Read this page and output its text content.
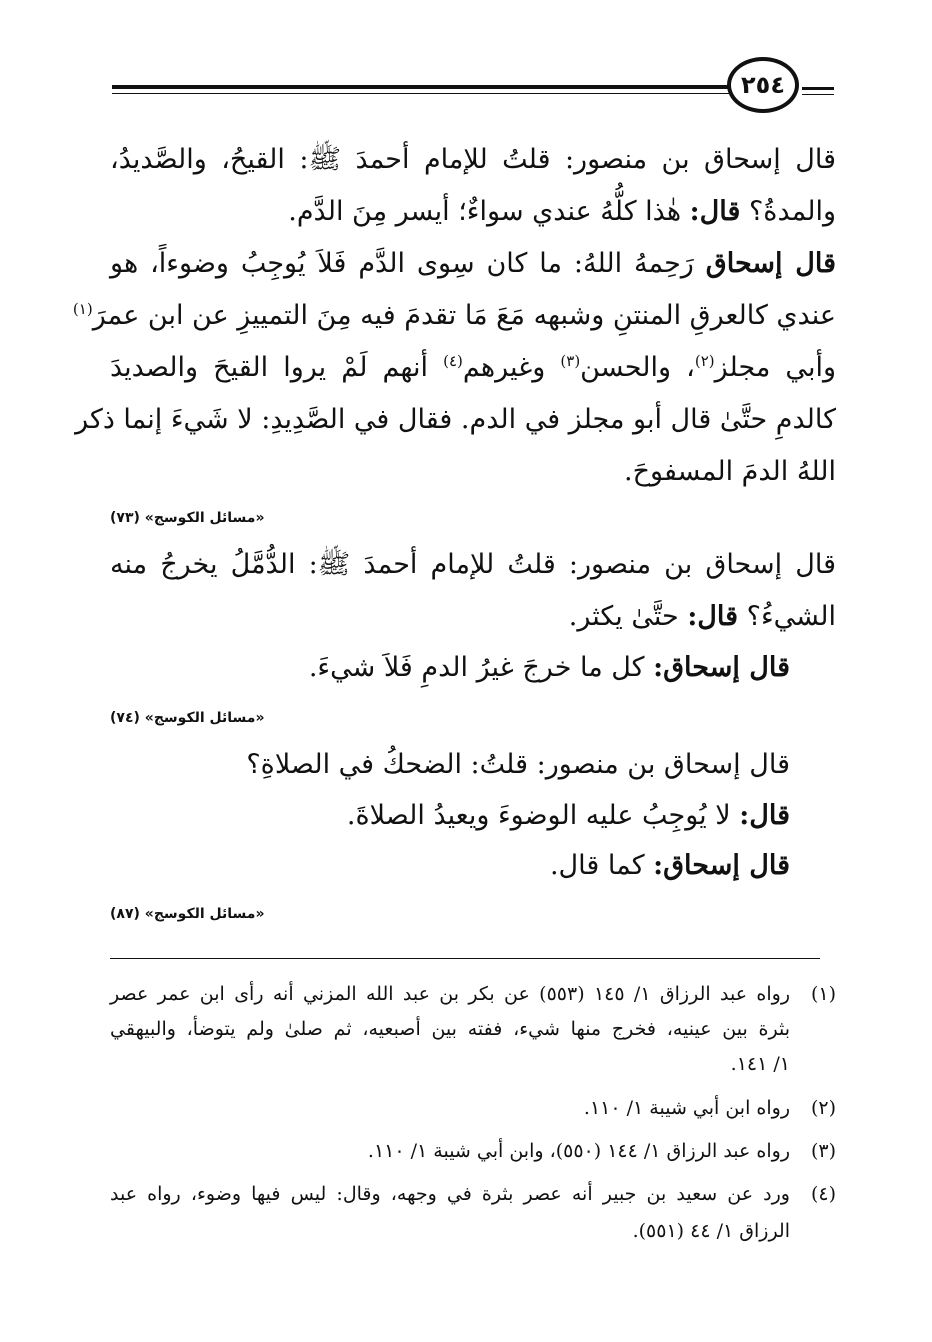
٢٥٤
قال إسحاق بن منصور: قلتُ للإمام أحمدَ ﷺ: القيحُ، والصَّديدُ،
والمدةُ؟ قال: هٰذا كلُّهُ عندي سواءٌ؛ أيسر مِنَ الدَّم.
قال إسحاق رَحِمهُ اللهُ: ما كان سِوى الدَّم فَلاَ يُوجِبُ وضوءاً، هو
عندي كالعرقِ المنتنِ وشبهه مَعَ مَا تقدمَ فيه مِنَ التمييزِ عن ابن عمرَ$^{(١)}$
وأبي مجلز$^{(٢)}$، والحسن$^{(٣)}$ وغيرهم$^{(٤)}$ أنهم لَمْ يروا القيحَ والصديدَ
كالدمِ حتَّىٰ قال أبو مجلز في الدم. فقال في الصَّدِيدِ: لا شَيءَ إنما ذكر
اللهُ الدمَ المسفوحَ.
«مسائل الكوسج» (٧٣)
قال إسحاق بن منصور: قلتُ للإمام أحمدَ ﷺ: الدُّمَّلُ يخرجُ منه
الشيءُ؟ قال: حتَّىٰ يكثر.
قال إسحاق: كل ما خرجَ غيرُ الدمِ فَلاَ شيءَ.
«مسائل الكوسج» (٧٤)
قال إسحاق بن منصور: قلتُ: الضحكُ في الصلاةِ؟
قال: لا يُوجِبُ عليه الوضوءَ ويعيدُ الصلاةَ.
قال إسحاق: كما قال.
«مسائل الكوسج» (٨٧)
(١)رواه عبد الرزاق ١/ ١٤٥ (٥٥٣) عن بكر بن عبد الله المزني أنه رأى ابن عمر عصر
بثرة بين عينيه، فخرج منها شيء، ففته بين أصبعيه، ثم صلىٰ ولم يتوضأ، والبيهقي
١/ ١٤١.
(٢)رواه ابن أبي شيبة ١/ ١١٠.
(٣)رواه عبد الرزاق ١/ ١٤٤ (٥٥٠)، وابن أبي شيبة ١/ ١١٠.
(٤)ورد عن سعيد بن جبير أنه عصر بثرة في وجهه، وقال: ليس فيها وضوء، رواه عبد
الرزاق ١/ ٤٤ (٥٥١).
